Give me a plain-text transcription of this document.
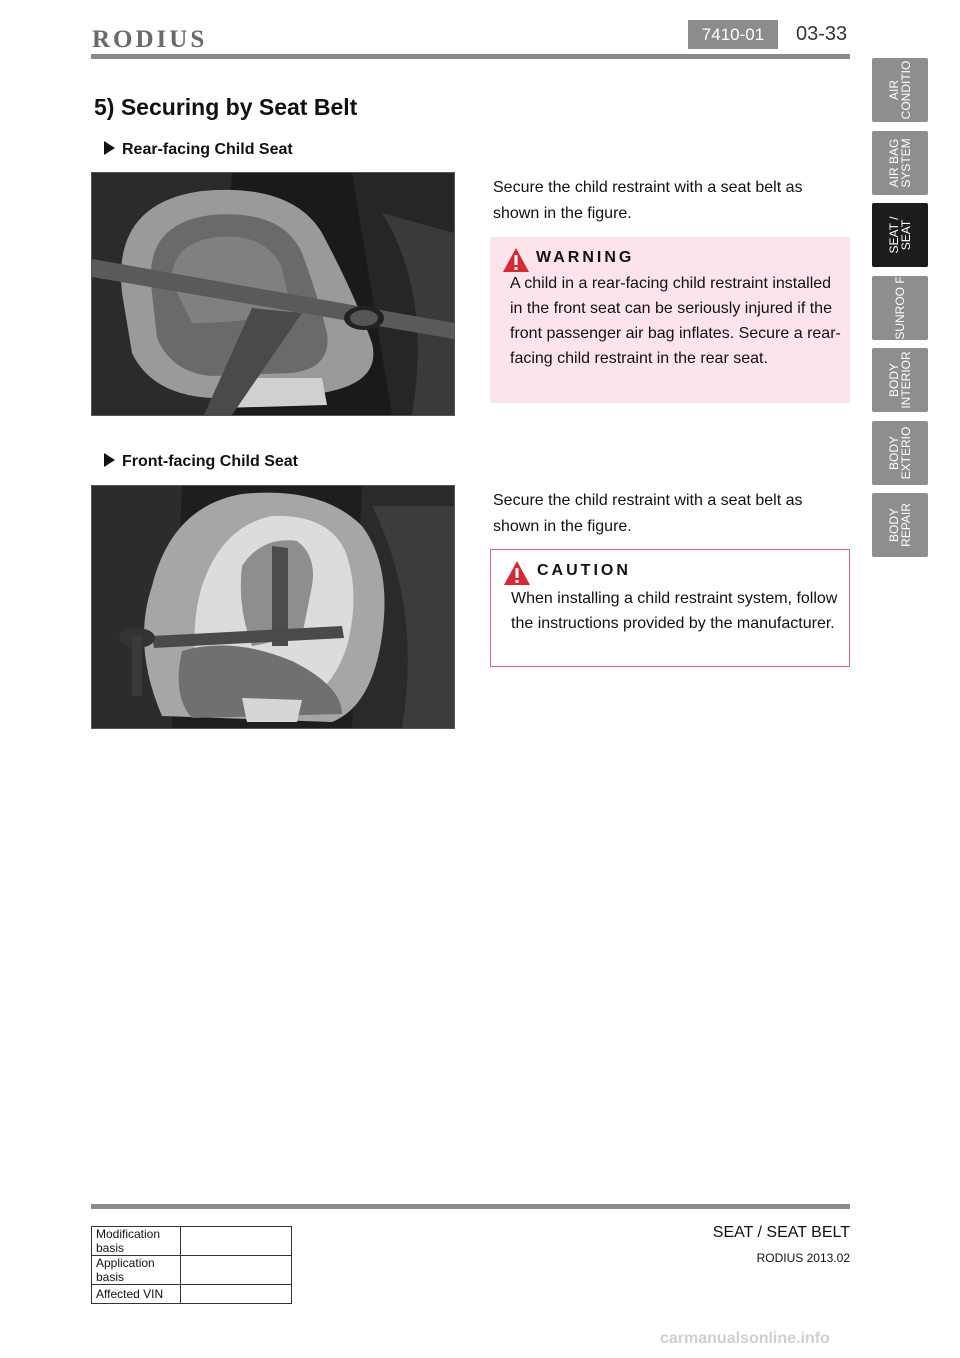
RODIUS	7410-01	03-33
AIR CONDITIO
AIR BAG SYSTEM
SEAT / SEAT
SUNROO F
BODY INTERIOR
BODY EXTERIO
BODY REPAIR
5) Securing by Seat Belt
Rear-facing Child Seat
Secure the child restraint with a seat belt as shown in the figure.
WARNING
A child in a rear-facing child restraint installed in the front seat can be seriously injured if the front passenger air bag inflates. Secure a rear-facing child restraint in the rear seat.
Front-facing Child Seat
Secure the child restraint with a seat belt as shown in the figure.
CAUTION
When installing a child restraint system, follow the instructions provided by the manufacturer.
Modification basis	
Application basis	
Affected VIN	
SEAT / SEAT BELT
RODIUS 2013.02
carmanualsonline.info
